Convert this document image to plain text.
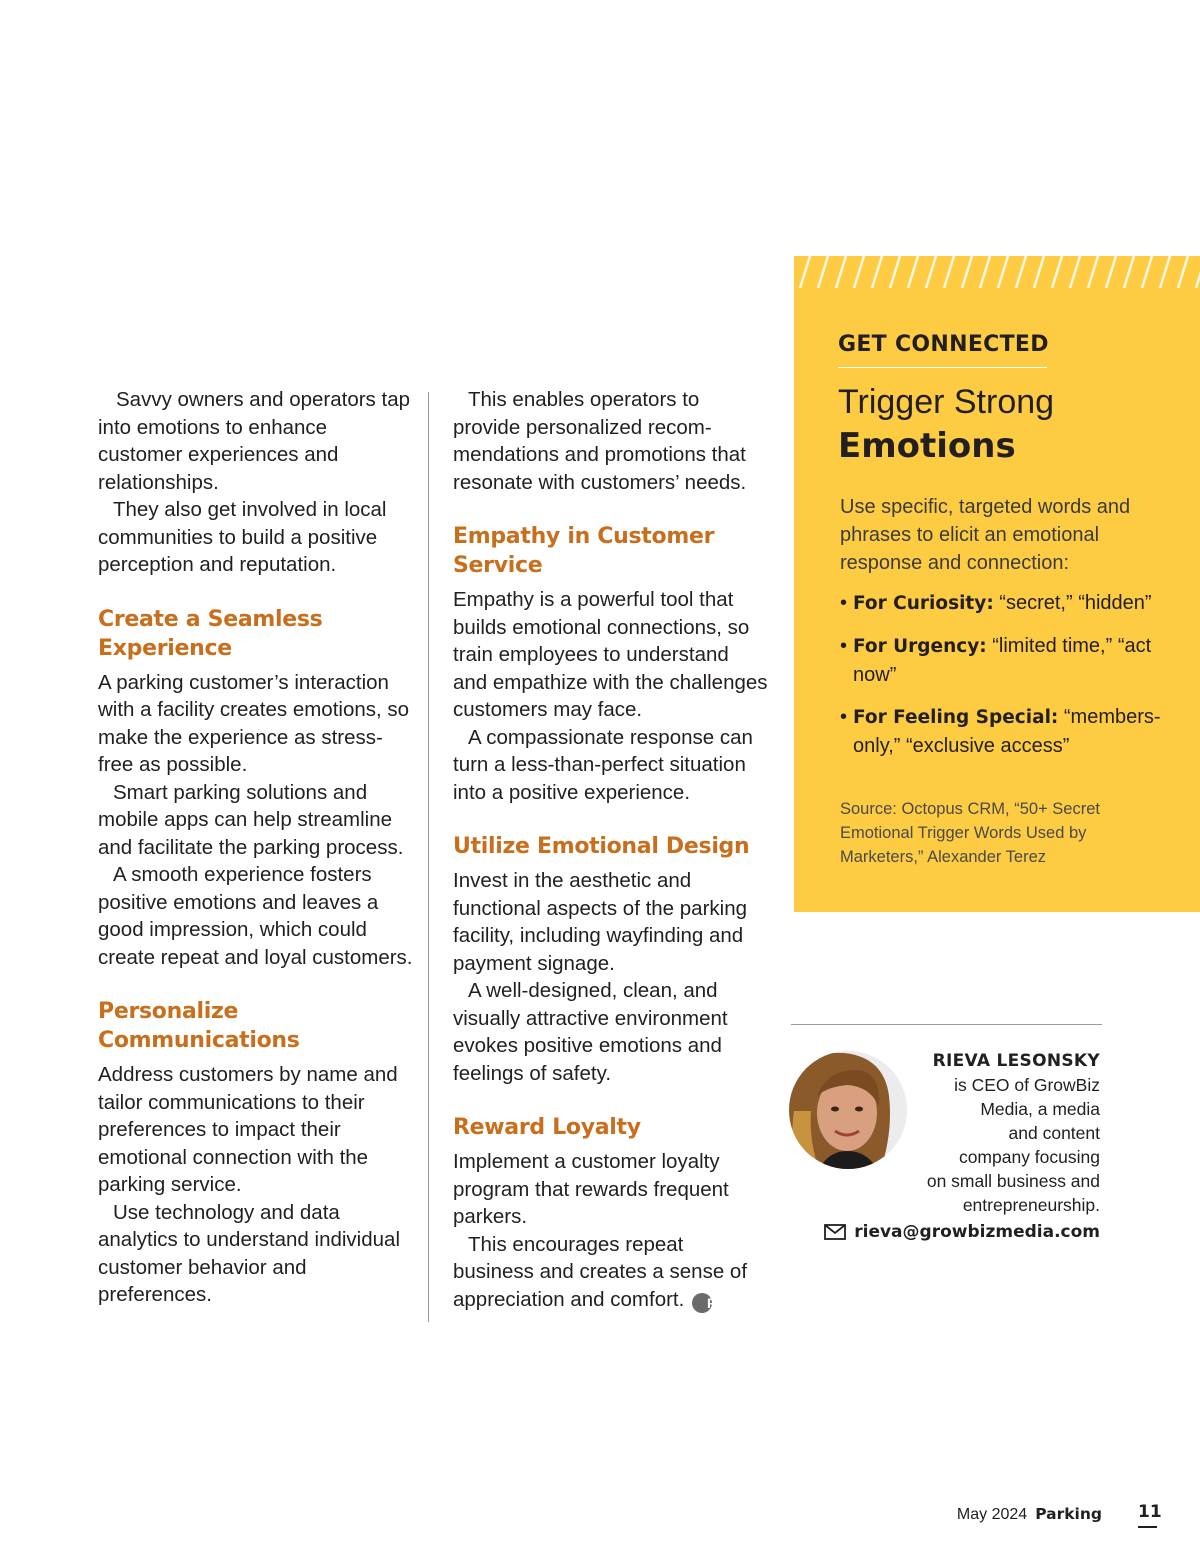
Savvy owners and operators tap into emotions to enhance customer experiences and relationships.

They also get involved in local communities to build a positive perception and reputation.

Create a Seamless Experience

A parking customer’s interaction with a facility creates emotions, so make the experience as stress-free as possible.

Smart parking solutions and mobile apps can help streamline and facilitate the parking process.

A smooth experience fosters positive emotions and leaves a good impression, which could create repeat and loyal customers.

Personalize Communications

Address customers by name and tailor communications to their preferences to impact their emotional connection with the parking service.

Use technology and data analytics to understand individual customer behavior and preferences.

This enables operators to provide personalized recommendations and promotions that resonate with customers’ needs.

Empathy in Customer Service

Empathy is a powerful tool that builds emotional connections, so train employees to understand and empathize with the challenges customers may face.

A compassionate response can turn a less-than-perfect situation into a positive experience.

Utilize Emotional Design

Invest in the aesthetic and functional aspects of the parking facility, including wayfinding and payment signage.

A well-designed, clean, and visually attractive environment evokes positive emotions and feelings of safety.

Reward Loyalty

Implement a customer loyalty program that rewards frequent parkers.

This encourages repeat business and creates a sense of appreciation and comfort. P

GET CONNECTED
Trigger Strong
Emotions

Use specific, targeted words and phrases to elicit an emotional response and connection:

• For Curiosity: “secret,” “hidden”
• For Urgency: “limited time,” “act now”
• For Feeling Special: “members-only,” “exclusive access”

Source: Octopus CRM, “50+ Secret Emotional Trigger Words Used by Marketers,” Alexander Terez

RIEVA LESONSKY
is CEO of GrowBiz
Media, a media
and content
company focusing
on small business and
entrepreneurship.
rieva@growbizmedia.com
May 2024 Parking 11
